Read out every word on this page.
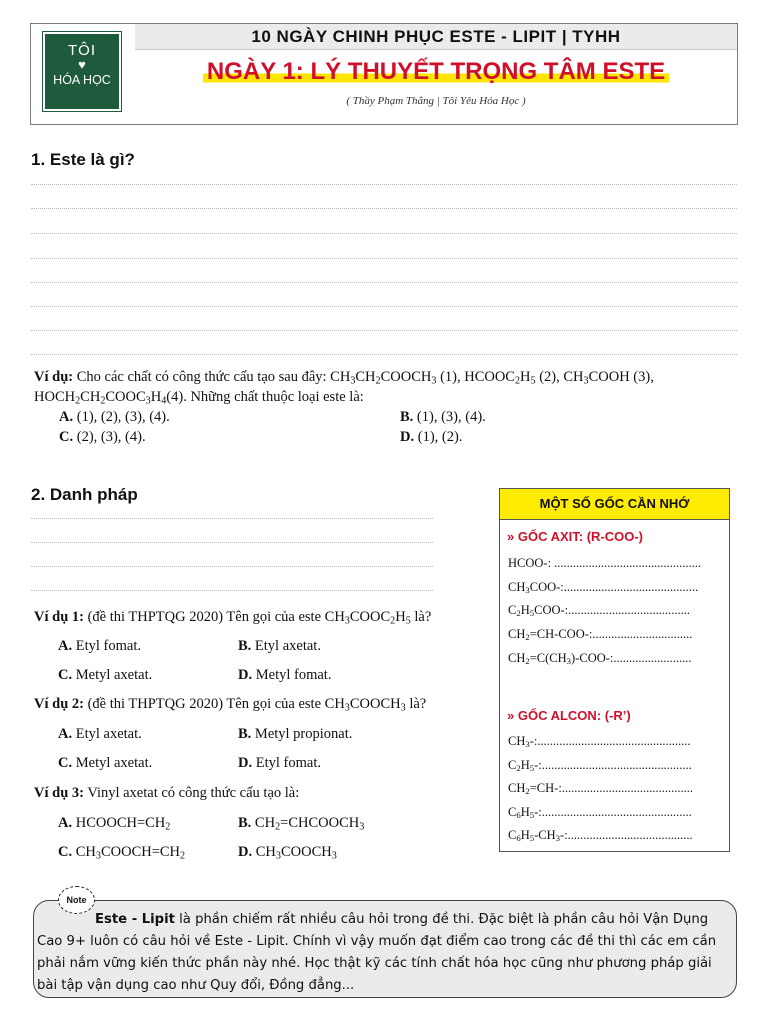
TÔI
♥
HÓA HỌC
10 NGÀY CHINH PHỤC ESTE - LIPIT | TYHH
NGÀY 1: LÝ THUYẾT TRỌNG TÂM ESTE
( Thầy Phạm Thắng | Tôi Yêu Hóa Học )
1. Este là gì?
Ví dụ: Cho các chất có công thức cấu tạo sau đây: $CH_3CH_2COOCH_3$ (1), $HCOOC_2H_5$ (2), $CH_3COOH$ (3), $HOCH_2CH_2COOC_3H_4(4)$. Những chất thuộc loại este là:
A. (1), (2), (3), (4).	B. (1), (3), (4).
C. (2), (3), (4).	D. (1), (2).
2. Danh pháp
Ví dụ 1: (đề thi THPTQG 2020) Tên gọi của este $CH_3COOC_2H_5$ là?
A. Etyl fomat.	B. Etyl axetat.
C. Metyl axetat.	D. Metyl fomat.
Ví dụ 2: (đề thi THPTQG 2020) Tên gọi của este $CH_3COOCH_3$ là?
A. Etyl axetat.	B. Metyl propionat.
C. Metyl axetat.	D. Etyl fomat.
Ví dụ 3: Vinyl axetat có công thức cấu tạo là:
A. $HCOOCH=CH_2$	B. $CH_2=CHCOOCH_3$
C. $CH_3COOCH=CH_2$	D. $CH_3COOCH_3$
MỘT SỐ GỐC CẦN NHỚ
» GỐC AXIT: (R-COO-)
HCOO-: ...............................................
$CH_3COO-$:...........................................
$C_2H_5COO-$:.......................................
$CH_2=CH-COO-$:................................
$CH_2=C(CH_3)-COO-$:.........................
» GỐC ALCON: (-R’)
$CH_3-$:.................................................
$C_2H_5-$:................................................
$CH_2=CH-$:..........................................
$C_6H_5-$:................................................
$C_6H_5-CH_3-$:........................................
Note
Este - Lipit là phần chiếm rất nhiều câu hỏi trong đề thi. Đặc biệt là phần câu hỏi Vận Dụng Cao 9+ luôn có câu hỏi về Este - Lipit. Chính vì vậy muốn đạt điểm cao trong các đề thi thì các em cần phải nắm vững kiến thức phần này nhé. Học thật kỹ các tính chất hóa học cũng như phương pháp giải bài tập vận dụng cao như Quy đổi, Đồng đẳng...
